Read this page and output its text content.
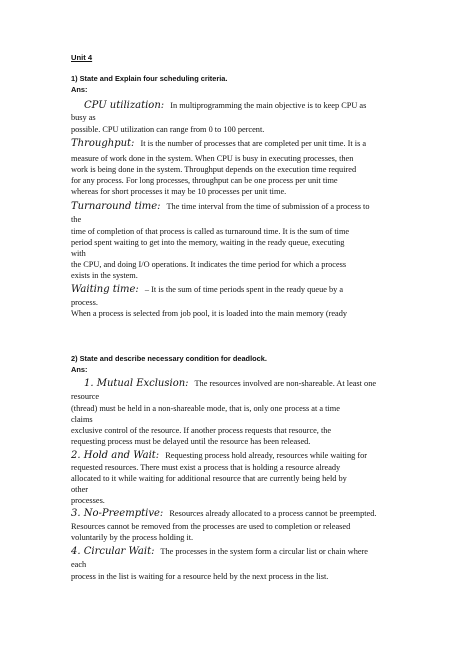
Unit 4
1) State and Explain four scheduling criteria.
Ans:
CPU utilization: In multiprogramming the main objective is to keep CPU as
busy as
possible. CPU utilization can range from 0 to 100 percent.
Throughput: It is the number of processes that are completed per unit time. It is a
measure of work done in the system. When CPU is busy in executing processes, then
work is being done in the system. Throughput depends on the execution time required
for any process. For long processes, throughput can be one process per unit time
whereas for short processes it may be 10 processes per unit time.
Turnaround time: The time interval from the time of submission of a process to
the
time of completion of that process is called as turnaround time. It is the sum of time
period spent waiting to get into the memory, waiting in the ready queue, executing
with
the CPU, and doing I/O operations. It indicates the time period for which a process
exists in the system.
Waiting time: – It is the sum of time periods spent in the ready queue by a
process.
When a process is selected from job pool, it is loaded into the main memory (ready
2) State and describe necessary condition for deadlock.
Ans:
1. Mutual Exclusion: The resources involved are non-shareable. At least one
resource
(thread) must be held in a non-shareable mode, that is, only one process at a time
claims
exclusive control of the resource. If another process requests that resource, the
requesting process must be delayed until the resource has been released.
2. Hold and Wait: Requesting process hold already, resources while waiting for
requested resources. There must exist a process that is holding a resource already
allocated to it while waiting for additional resource that are currently being held by
other
processes.
3. No-Preemptive: Resources already allocated to a process cannot be preempted.
Resources cannot be removed from the processes are used to completion or released
voluntarily by the process holding it.
4. Circular Wait: The processes in the system form a circular list or chain where
each
process in the list is waiting for a resource held by the next process in the list.
